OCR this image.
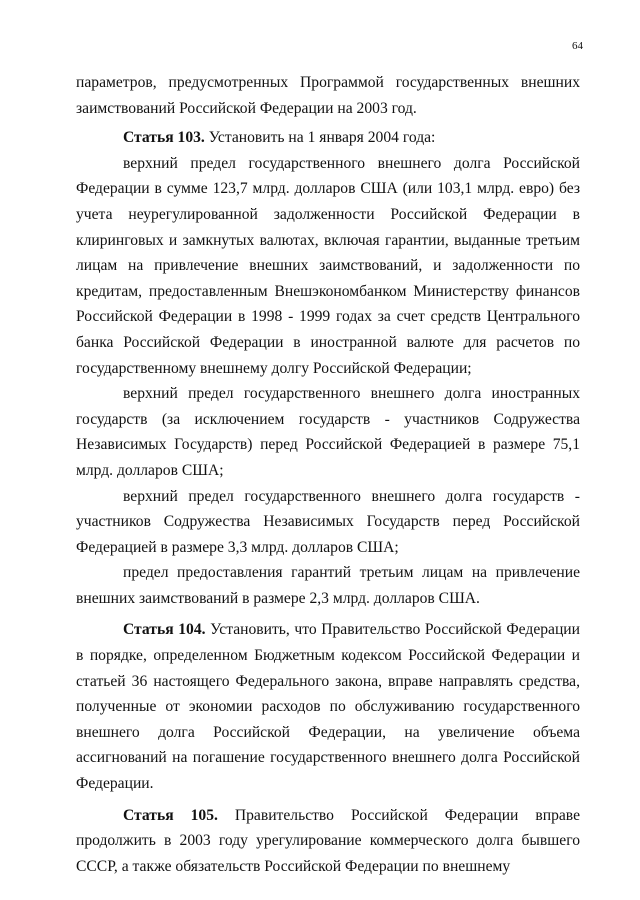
64

параметров, предусмотренных Программой государственных внешних заимствований Российской Федерации на 2003 год.

Статья 103. Установить на 1 января 2004 года:

верхний предел государственного внешнего долга Российской Федерации в сумме 123,7 млрд. долларов США (или 103,1 млрд. евро) без учета неурегулированной задолженности Российской Федерации в клиринговых и замкнутых валютах, включая гарантии, выданные третьим лицам на привлечение внешних заимствований, и задолженности по кредитам, предоставленным Внешэкономбанком Министерству финансов Российской Федерации в 1998 - 1999 годах за счет средств Центрального банка Российской Федерации в иностранной валюте для расчетов по государственному внешнему долгу Российской Федерации;

верхний предел государственного внешнего долга иностранных государств (за исключением государств - участников Содружества Независимых Государств) перед Российской Федерацией в размере 75,1 млрд. долларов США;

верхний предел государственного внешнего долга государств - участников Содружества Независимых Государств перед Российской Федерацией в размере 3,3 млрд. долларов США;

предел предоставления гарантий третьим лицам на привлечение внешних заимствований в размере 2,3 млрд. долларов США.

Статья 104. Установить, что Правительство Российской Федерации в порядке, определенном Бюджетным кодексом Российской Федерации и статьей 36 настоящего Федерального закона, вправе направлять средства, полученные от экономии расходов по обслуживанию государственного внешнего долга Российской Федерации, на увеличение объема ассигнований на погашение государственного внешнего долга Российской Федерации.

Статья 105. Правительство Российской Федерации вправе продолжить в 2003 году урегулирование коммерческого долга бывшего СССР, а также обязательств Российской Федерации по внешнему
